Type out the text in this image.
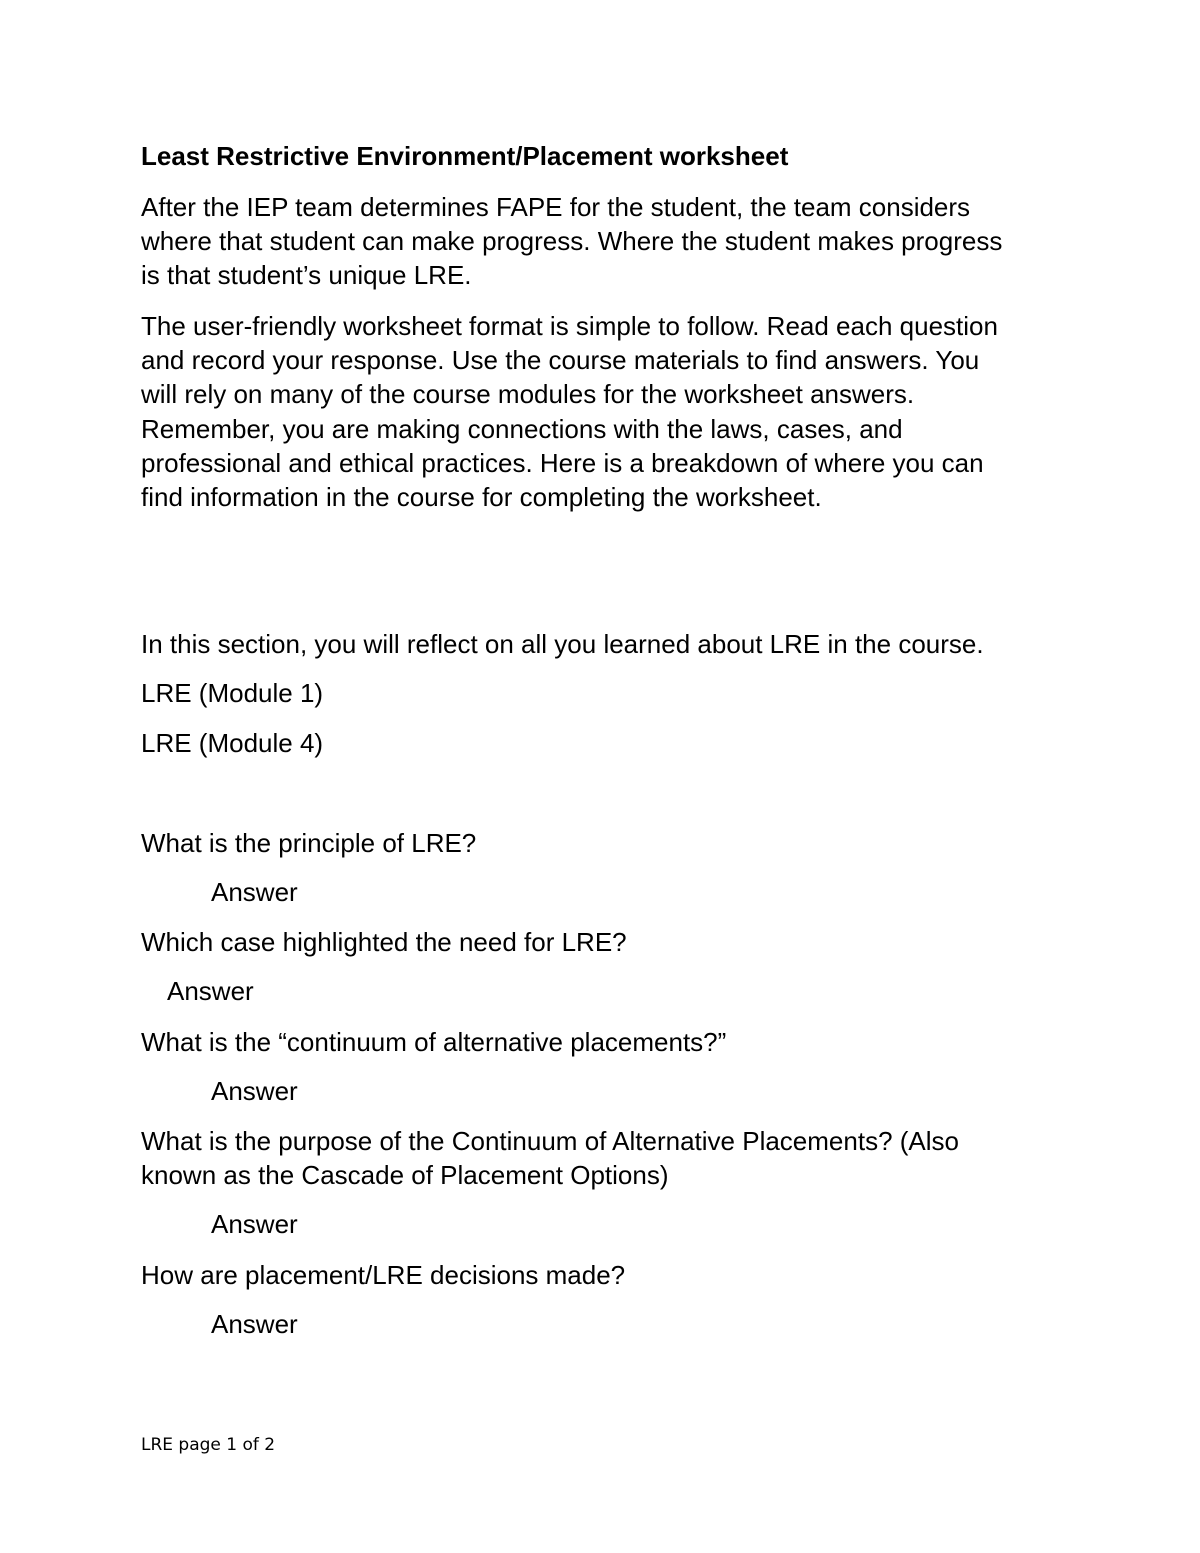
Least Restrictive Environment/Placement worksheet

After the IEP team determines FAPE for the student, the team considers
where that student can make progress. Where the student makes progress
is that student’s unique LRE.

The user-friendly worksheet format is simple to follow. Read each question
and record your response. Use the course materials to find answers. You
will rely on many of the course modules for the worksheet answers.
Remember, you are making connections with the laws, cases, and
professional and ethical practices. Here is a breakdown of where you can
find information in the course for completing the worksheet.

In this section, you will reflect on all you learned about LRE in the course.
LRE (Module 1)
LRE (Module 4)
What is the principle of LRE?
Answer
Which case highlighted the need for LRE?
Answer
What is the “continuum of alternative placements?”
Answer
What is the purpose of the Continuum of Alternative Placements? (Also
known as the Cascade of Placement Options)
Answer
How are placement/LRE decisions made?
Answer
LRE page 1 of 2
